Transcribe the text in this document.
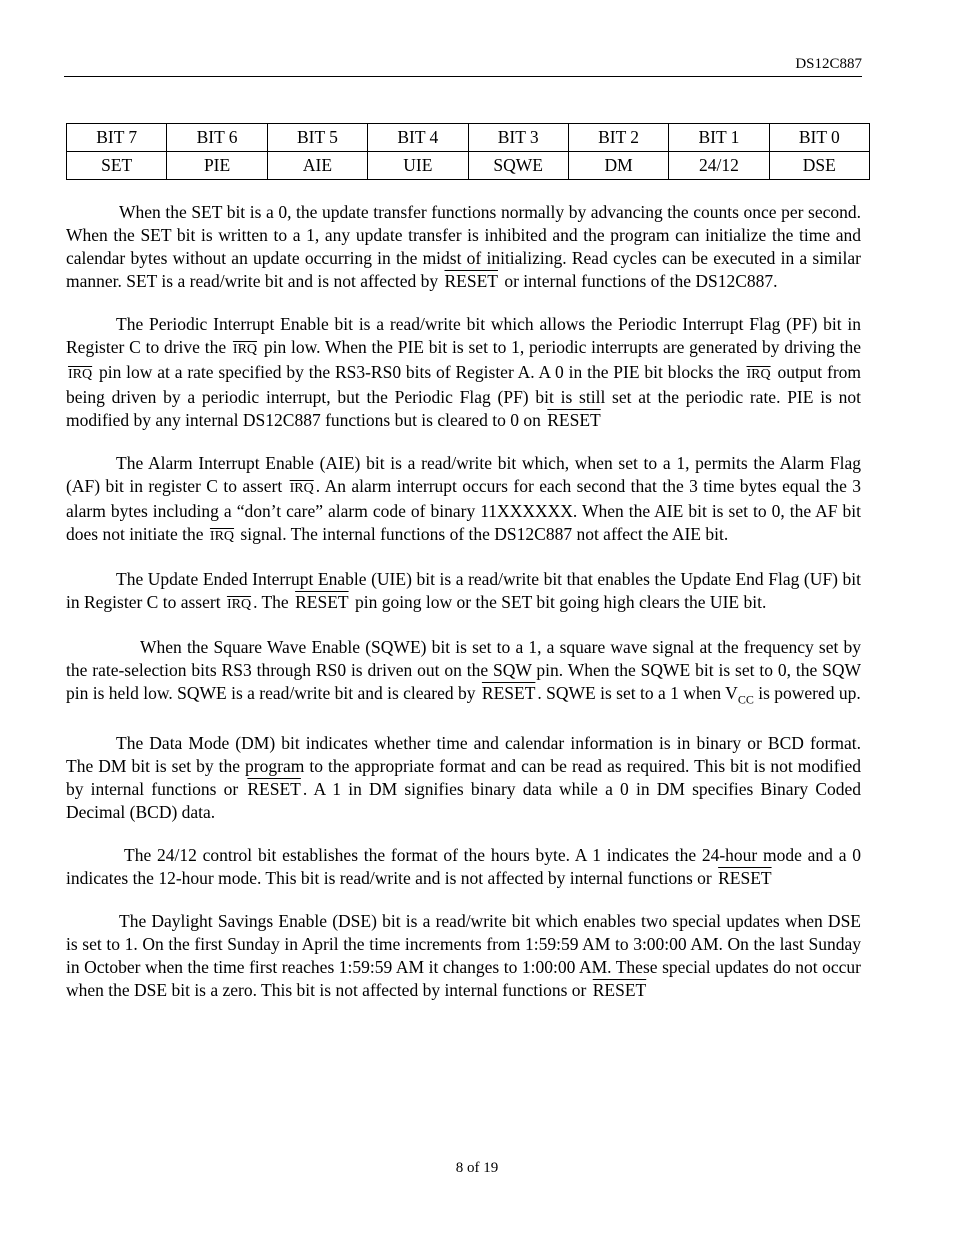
DS12C887
BIT 7	BIT 6	BIT 5	BIT 4	BIT 3	BIT 2	BIT 1	BIT 0
SET	PIE	AIE	UIE	SQWE	DM	24/12	DSE

When the SET bit is a 0, the update transfer functions normally by advancing the counts once per second. When the SET bit is written to a 1, any update transfer is inhibited and the program can initialize the time and calendar bytes without an update occurring in the midst of initializing. Read cycles can be executed in a similar manner. SET is a read/write bit and is not affected by RESET or internal functions of the DS12C887.

The Periodic Interrupt Enable bit is a read/write bit which allows the Periodic Interrupt Flag (PF) bit in Register C to drive the $\overline{IRQ}$ pin low. When the PIE bit is set to 1, periodic interrupts are generated by driving the $\overline{IRQ}$ pin low at a rate specified by the RS3-RS0 bits of Register A. A 0 in the PIE bit blocks the $\overline{IRQ}$ output from being driven by a periodic interrupt, but the Periodic Flag (PF) bit is still set at the periodic rate. PIE is not modified by any internal DS12C887 functions but is cleared to 0 on RESET

The Alarm Interrupt Enable (AIE) bit is a read/write bit which, when set to a 1, permits the Alarm Flag (AF) bit in register C to assert $\overline{IRQ}$ . An alarm interrupt occurs for each second that the 3 time bytes equal the 3 alarm bytes including a “don’t care” alarm code of binary 11XXXXXX. When the AIE bit is set to 0, the AF bit does not initiate the $\overline{IRQ}$ signal. The internal functions of the DS12C887 not affect the AIE bit.

The Update Ended Interrupt Enable (UIE) bit is a read/write bit that enables the Update End Flag (UF) bit in Register C to assert $\overline{IRQ}$ . The RESET pin going low or the SET bit going high clears the UIE bit.

When the Square Wave Enable (SQWE) bit is set to a 1, a square wave signal at the frequency set by the rate-selection bits RS3 through RS0 is driven out on the SQW pin. When the SQWE bit is set to 0, the SQW pin is held low. SQWE is a read/write bit and is cleared by RESET . SQWE is set to a 1 when $V_{CC}$ is powered up.

The Data Mode (DM) bit indicates whether time and calendar information is in binary or BCD format. The DM bit is set by the program to the appropriate format and can be read as required. This bit is not modified by internal functions or RESET . A 1 in DM signifies binary data while a 0 in DM specifies Binary Coded Decimal (BCD) data.

The 24/12 control bit establishes the format of the hours byte. A 1 indicates the 24-hour mode and a 0 indicates the 12-hour mode. This bit is read/write and is not affected by internal functions or RESET

The Daylight Savings Enable (DSE) bit is a read/write bit which enables two special updates when DSE is set to 1. On the first Sunday in April the time increments from 1:59:59 AM to 3:00:00 AM. On the last Sunday in October when the time first reaches 1:59:59 AM it changes to 1:00:00 AM. These special updates do not occur when the DSE bit is a zero. This bit is not affected by internal functions or RESET

8 of 19
